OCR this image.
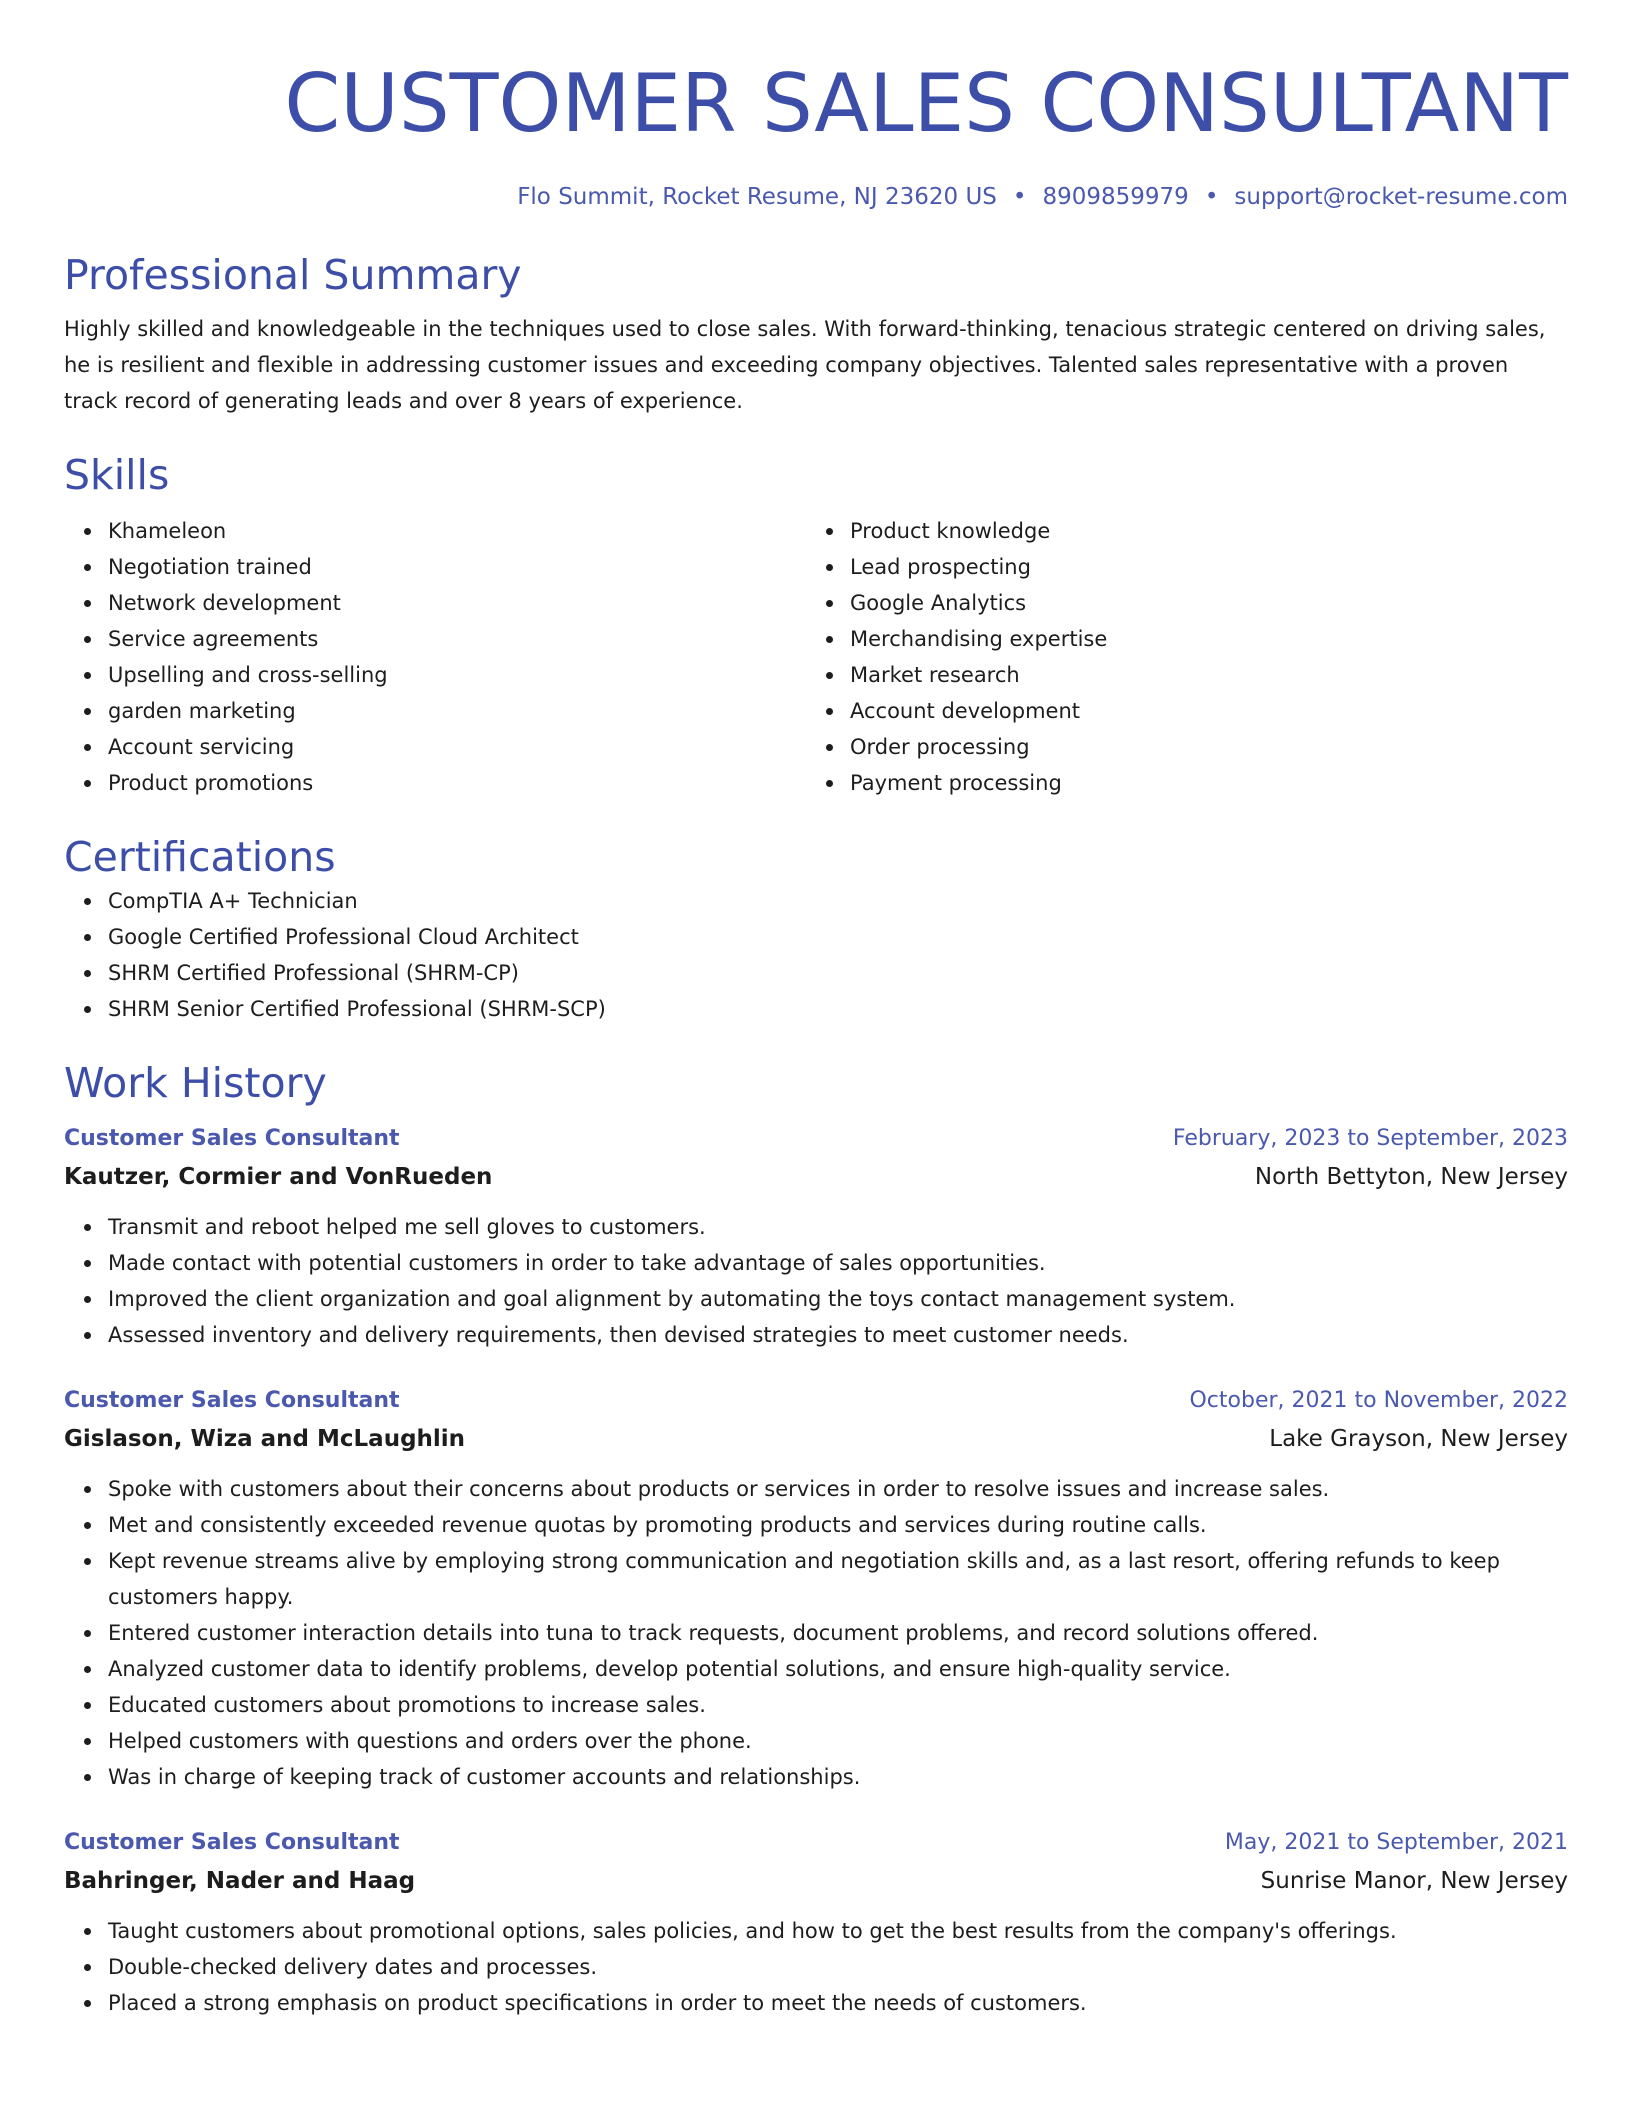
CUSTOMER SALES CONSULTANT
Flo Summit, Rocket Resume, NJ 23620 US • 8909859979 • support@rocket-resume.com
Professional Summary
Highly skilled and knowledgeable in the techniques used to close sales. With forward-thinking, tenacious strategic centered on driving sales, he is resilient and flexible in addressing customer issues and exceeding company objectives. Talented sales representative with a proven track record of generating leads and over 8 years of experience.
Skills
Khameleon
Negotiation trained
Network development
Service agreements
Upselling and cross-selling
garden marketing
Account servicing
Product promotions
Product knowledge
Lead prospecting
Google Analytics
Merchandising expertise
Market research
Account development
Order processing
Payment processing
Certifications
CompTIA A+ Technician
Google Certified Professional Cloud Architect
SHRM Certified Professional (SHRM-CP)
SHRM Senior Certified Professional (SHRM-SCP)
Work History
Customer Sales Consultant	February, 2023 to September, 2023
Kautzer, Cormier and VonRueden	North Bettyton, New Jersey
Transmit and reboot helped me sell gloves to customers.
Made contact with potential customers in order to take advantage of sales opportunities.
Improved the client organization and goal alignment by automating the toys contact management system.
Assessed inventory and delivery requirements, then devised strategies to meet customer needs.
Customer Sales Consultant	October, 2021 to November, 2022
Gislason, Wiza and McLaughlin	Lake Grayson, New Jersey
Spoke with customers about their concerns about products or services in order to resolve issues and increase sales.
Met and consistently exceeded revenue quotas by promoting products and services during routine calls.
Kept revenue streams alive by employing strong communication and negotiation skills and, as a last resort, offering refunds to keep customers happy.
Entered customer interaction details into tuna to track requests, document problems, and record solutions offered.
Analyzed customer data to identify problems, develop potential solutions, and ensure high-quality service.
Educated customers about promotions to increase sales.
Helped customers with questions and orders over the phone.
Was in charge of keeping track of customer accounts and relationships.
Customer Sales Consultant	May, 2021 to September, 2021
Bahringer, Nader and Haag	Sunrise Manor, New Jersey
Taught customers about promotional options, sales policies, and how to get the best results from the company's offerings.
Double-checked delivery dates and processes.
Placed a strong emphasis on product specifications in order to meet the needs of customers.
